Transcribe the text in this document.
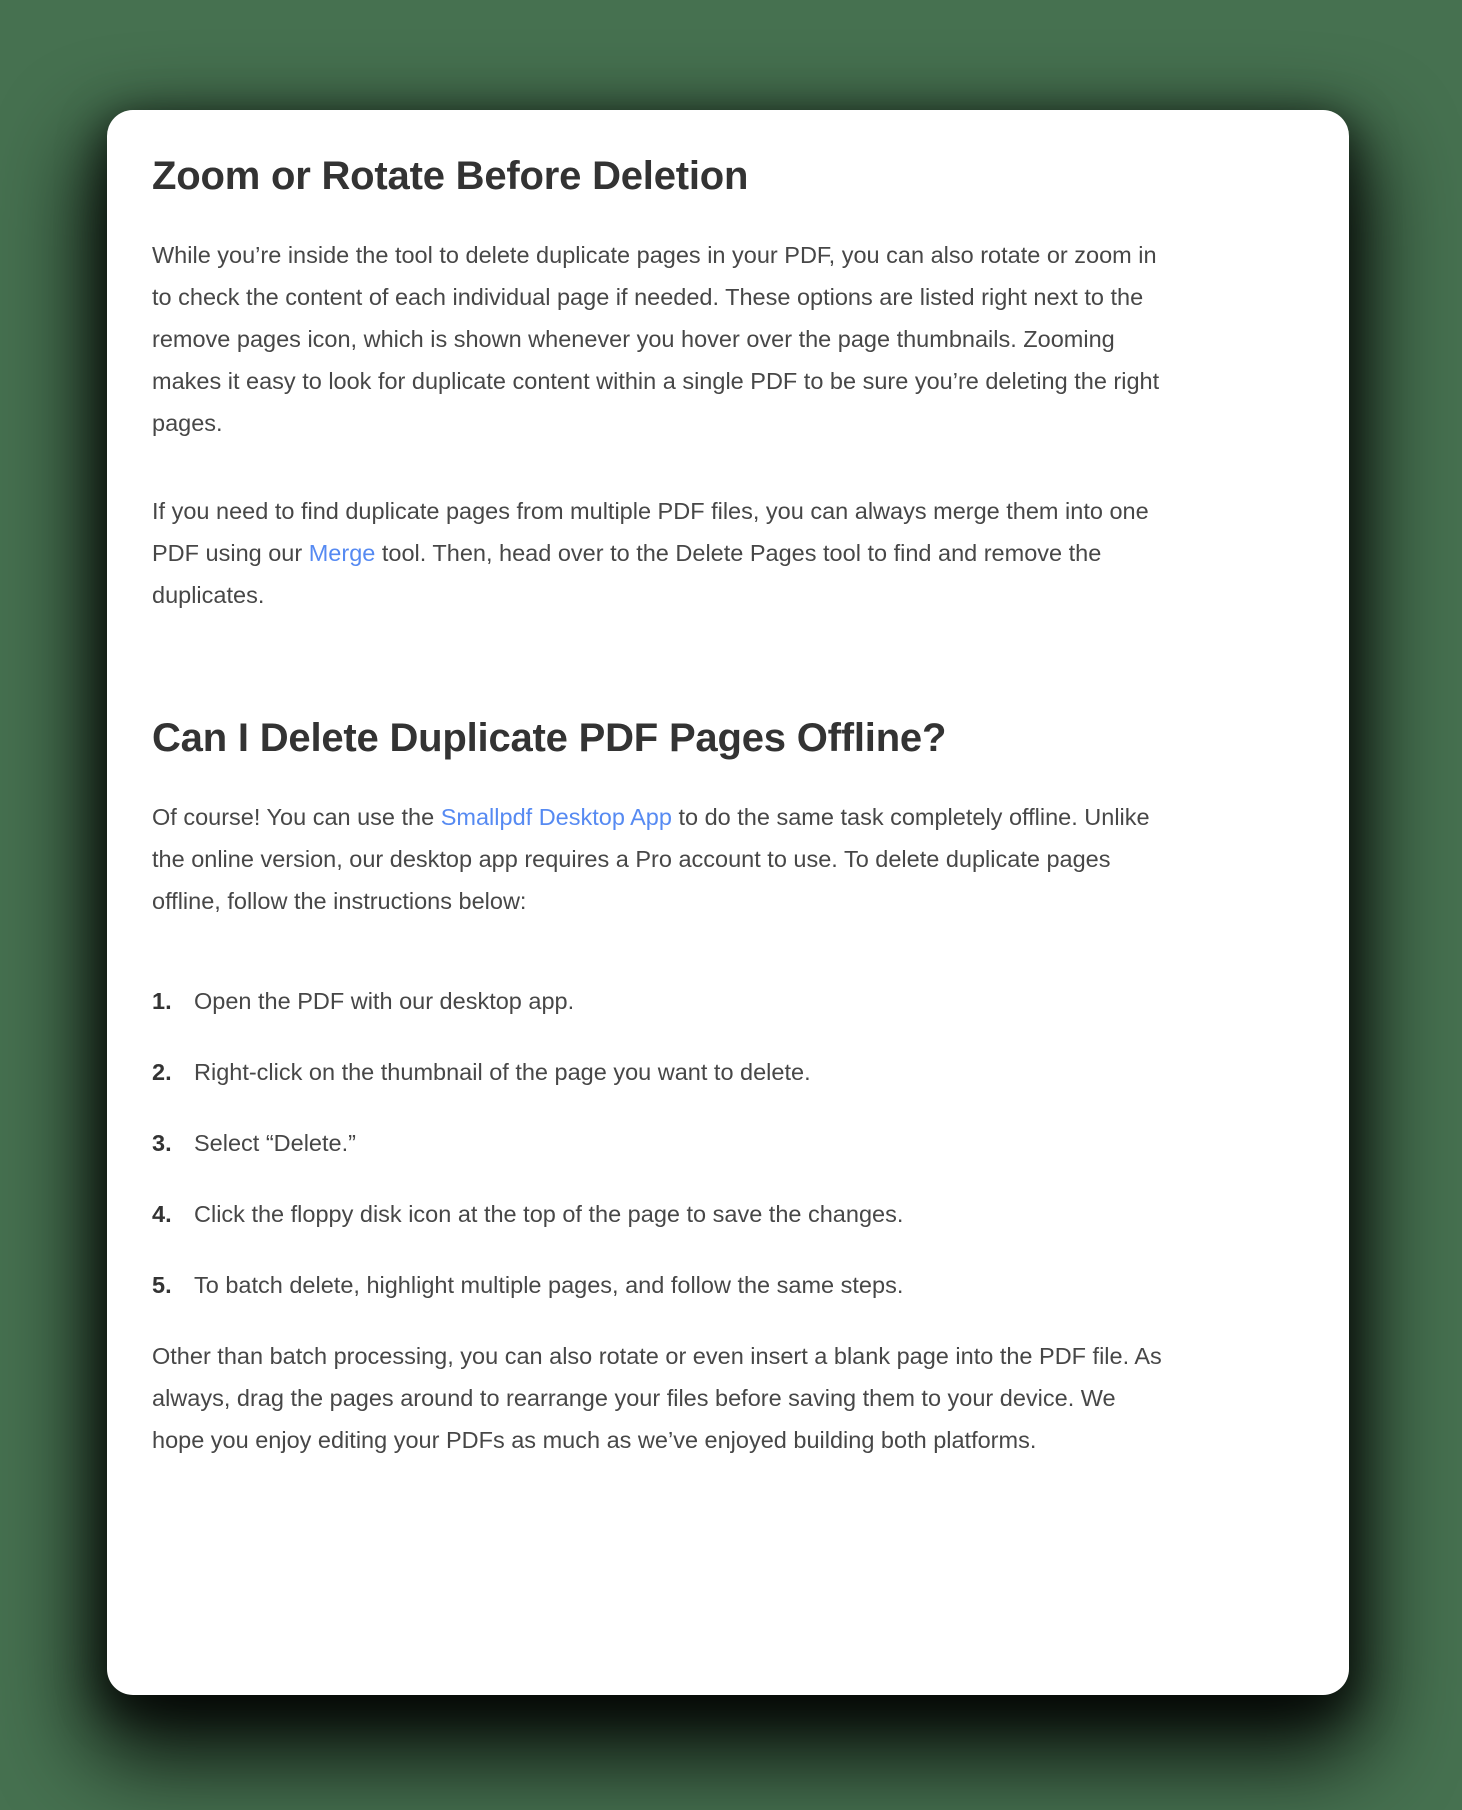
Zoom or Rotate Before Deletion

While you’re inside the tool to delete duplicate pages in your PDF, you can also rotate or zoom in to check the content of each individual page if needed. These options are listed right next to the remove pages icon, which is shown whenever you hover over the page thumbnails. Zooming makes it easy to look for duplicate content within a single PDF to be sure you’re deleting the right pages.

If you need to find duplicate pages from multiple PDF files, you can always merge them into one PDF using our Merge tool. Then, head over to the Delete Pages tool to find and remove the duplicates.

Can I Delete Duplicate PDF Pages Offline?

Of course! You can use the Smallpdf Desktop App to do the same task completely offline. Unlike the online version, our desktop app requires a Pro account to use. To delete duplicate pages offline, follow the instructions below:

1. Open the PDF with our desktop app.
2. Right-click on the thumbnail of the page you want to delete.
3. Select “Delete.”
4. Click the floppy disk icon at the top of the page to save the changes.
5. To batch delete, highlight multiple pages, and follow the same steps.

Other than batch processing, you can also rotate or even insert a blank page into the PDF file. As always, drag the pages around to rearrange your files before saving them to your device. We hope you enjoy editing your PDFs as much as we’ve enjoyed building both platforms.
